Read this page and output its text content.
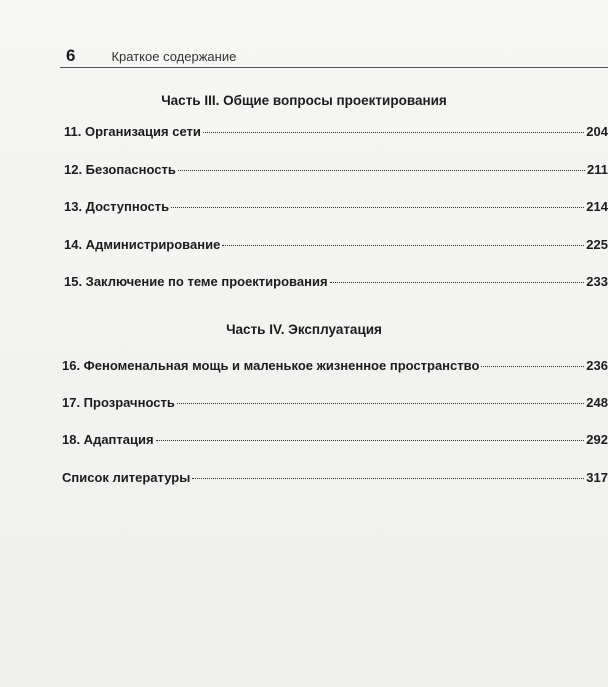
6	Краткое содержание
Часть III. Общие вопросы проектирования
11. Организация сети	204
12. Безопасность	211
13. Доступность	214
14. Администрирование	225
15. Заключение по теме проектирования	233
Часть IV. Эксплуатация
16. Феноменальная мощь и маленькое жизненное пространство	236
17. Прозрачность	248
18. Адаптация	292
Список литературы	317
